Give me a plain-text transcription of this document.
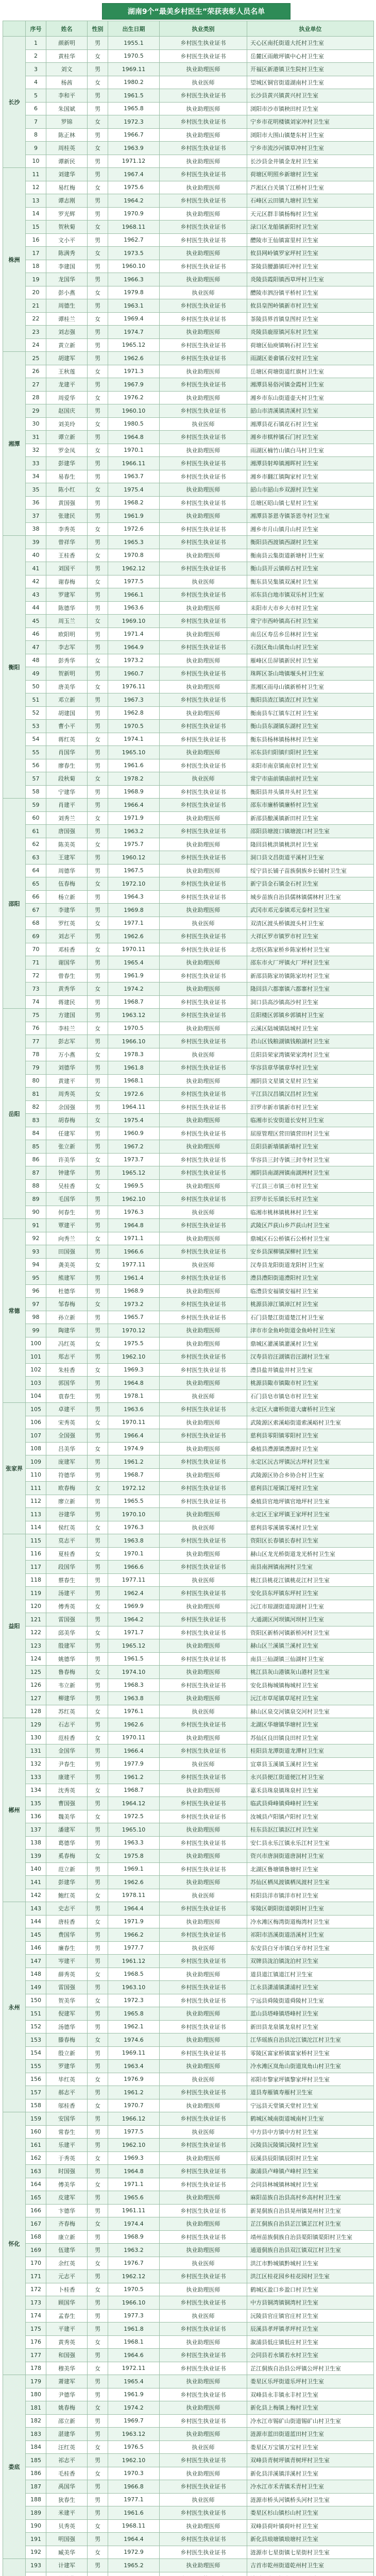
湖南9个“最美乡村医生”荣获表彰人员名单
	序号	姓名	性别	出生日期	执业类别	执业单位
长沙	1	颜新明	男	1955.1	乡村医生执业证书	天心区南托街道大托村卫生室
	2	黄桂华	女	1970.5	乡村医生执业证书	岳麓区雨敞坪镇中心村卫生室
	3	刘文	男	1969.11	执业助理医师	开福区新港镇卫生院村卫生室
	4	杨茜	女	1980.2	执业医师	望城区铜官街道湖南村卫生室
	5	李和平	男	1961.5	乡村医生执业证书	长沙县黄兴镇黄兴村卫生室
	6	朱国斌	男	1965.8	执业助理医师	浏阳市沙市镇秧田村卫生室
	7	罗锦	女	1972.3	乡村医生执业证书	宁乡市花明楼镇刘家冲村卫生室
	8	陈正林	男	1966.7	执业助理医师	浏阳市大围山镇楚东村卫生室
	9	周桂英	女	1963.9	乡村医生执业证书	宁乡市流沙河镇草冲村卫生室
	10	谭新民	男	1971.12	执业助理医师	长沙县金井镇金龙村卫生室
株洲	11	刘建华	男	1967.4	乡村医生执业证书	荷塘区明照乡新塘村卫生室
	12	易红梅	女	1975.6	执业助理医师	芦淞区白关镇丫江桥村卫生室
	13	谭志刚	男	1964.2	乡村医生执业证书	石峰区云田镇九塘村卫生室
	14	罗光辉	男	1970.9	执业助理医师	天元区群丰镇杨梅村卫生室
	15	贺秋菊	女	1968.11	乡村医生执业证书	渌口区龙船镇新阳村卫生室
	16	文小平	男	1962.7	乡村医生执业证书	醴陵市王仙镇富里村卫生室
	17	陈满秀	女	1973.5	执业助理医师	攸县网岭镇罗家坪村卫生室
	18	李建国	男	1960.10	乡村医生执业证书	茶陵县腰潞镇旺冲村卫生室
	19	龙国华	男	1966.3	执业助理医师	炎陵县霞阳镇西草坪村卫生室
	20	彭小燕	女	1979.8	执业医师	醴陵市泗汾镇平桥村卫生室
	21	周德生	男	1963.1	乡村医生执业证书	攸县皇图岭镇新市村卫生室
	22	谭桂兰	女	1969.4	乡村医生执业证书	茶陵县界首镇皇图村卫生室
	23	刘志强	男	1974.7	执业助理医师	炎陵县鹿原镇河东村卫生室
	24	黄立新	男	1965.12	乡村医生执业证书	荷塘区仙庾镇响石村卫生室
湘潭	25	胡建军	男	1962.6	乡村医生执业证书	雨湖区姜畲镇石安村卫生室
	26	王秋莲	女	1971.3	执业助理医师	岳塘区荷塘街道红旗村卫生室
	27	龙建平	男	1967.9	乡村医生执业证书	湘潭县易俗河镇金霞村卫生室
	28	周爱华	女	1976.2	执业助理医师	湘乡市东山街道壶天村卫生室
	29	赵国庆	男	1960.10	乡村医生执业证书	韶山市清溪镇清溪村卫生室
	30	刘美玲	女	1980.5	执业医师	湘潭县花石镇花石村卫生室
	31	谭立新	男	1964.8	乡村医生执业证书	湘乡市棋梓镇石门村卫生室
	32	罗金凤	女	1970.1	执业助理医师	雨湖区楠竹山镇白马村卫生室
	33	彭建华	男	1966.11	乡村医生执业证书	湘潭县射埠镇湘晖村卫生室
	34	易春生	男	1963.7	乡村医生执业证书	湘乡市翻江镇陶家村卫生室
	35	陈小红	女	1975.4	执业助理医师	韶山市韶山乡双源村卫生室
	36	黄国强	男	1968.2	乡村医生执业证书	岳塘区昭山镇七星村卫生室
	37	张建民	男	1961.9	执业助理医师	湘潭县茶恩寺镇茶恩寺村卫生室
	38	李秀英	女	1972.6	乡村医生执业证书	湘乡市月山镇月山村卫生室
衡阳	39	曾祥华	男	1965.3	乡村医生执业证书	衡阳县西渡镇西湖村卫生室
	40	王桂香	女	1970.8	执业助理医师	衡南县云集街道新塘村卫生室
	41	刘国平	男	1962.12	乡村医生执业证书	衡山县开云镇师古村卫生室
	42	谢春梅	女	1977.5	执业医师	衡东县吴集镇双溪村卫生室
	43	罗建军	男	1966.1	乡村医生执业证书	祁东县白地市镇双乐村卫生室
	44	陈德华	男	1963.6	执业助理医师	耒阳市大市乡大市村卫生室
	45	周玉兰	女	1969.10	乡村医生执业证书	常宁市西岭镇高石村卫生室
	46	欧阳明	男	1971.4	执业助理医师	南岳区寿岳乡岳林村卫生室
	47	李志军	男	1964.9	乡村医生执业证书	石鼓区角山镇角山村卫生室
	48	彭秀华	女	1973.2	执业助理医师	雁峰区岳屏镇新民村卫生室
	49	贺新明	男	1960.7	乡村医生执业证书	珠晖区茶山坳镇堰头村卫生室
	50	唐美华	女	1976.11	执业助理医师	蒸湘区雨母山镇新桥村卫生室
	51	邓立新	男	1967.3	乡村医生执业证书	衡阳县渣江镇渣江村卫生室
	52	胡建国	男	1962.8	执业助理医师	衡南县车江镇车江村卫生室
	53	曹小平	男	1970.5	乡村医生执业证书	衡山县东湖镇东湖村卫生室
	54	蒋红英	女	1974.1	乡村医生执业证书	衡东县杨林镇杨林村卫生室
	55	肖国华	男	1965.10	执业助理医师	祁东县归阳镇归阳村卫生室
	56	廖春生	男	1961.6	乡村医生执业证书	耒阳市南京镇南京村卫生室
	57	段秋菊	女	1978.2	执业医师	常宁市庙前镇庙前村卫生室
	58	宁建华	男	1968.9	乡村医生执业证书	衡阳县井头镇井头村卫生室
邵阳	59	肖建平	男	1966.4	乡村医生执业证书	邵东市廉桥镇廉桥村卫生室
	60	刘秀兰	女	1971.9	执业助理医师	新邵县酿溪镇新田村卫生室
	61	唐国强	男	1963.2	乡村医生执业证书	邵阳县塘渡口镇塘渡口村卫生室
	62	陈美英	女	1975.7	执业助理医师	隆回县桃洪镇桃洪村卫生室
	63	王建军	男	1960.12	乡村医生执业证书	洞口县文昌街道平溪村卫生室
	64	周德华	男	1967.5	执业助理医师	绥宁县长铺子苗族侗族乡长铺村卫生室
	65	伍春梅	女	1972.10	乡村医生执业证书	新宁县金石镇金石村卫生室
	66	杨立新	男	1964.3	乡村医生执业证书	城步苗族自治县儒林镇儒林村卫生室
	67	李建华	男	1969.8	执业助理医师	武冈市邓元泰镇邓元泰村卫生室
	68	罗红英	女	1977.1	执业医师	双清区渡头桥镇渡头村卫生室
	69	刘志平	男	1962.6	乡村医生执业证书	大祥区罗市镇罗市村卫生室
	70	邓桂香	女	1970.11	乡村医生执业证书	北塔区陈家桥乡陈家桥村卫生室
	71	谢国华	男	1965.4	执业助理医师	邵东市火厂坪镇火厂坪村卫生室
	72	曾春生	男	1961.9	乡村医生执业证书	新邵县陈家坊镇陈家坊村卫生室
	73	黄秀华	女	1974.2	执业助理医师	隆回县六都寨镇六都寨村卫生室
	74	蒋建民	男	1968.7	乡村医生执业证书	洞口县高沙镇高沙村卫生室
岳阳	75	方建国	男	1963.12	乡村医生执业证书	岳阳楼区郭镇乡郭镇村卫生室
	76	李桂兰	女	1970.5	执业助理医师	云溪区陆城镇陆城村卫生室
	77	彭志军	男	1966.10	乡村医生执业证书	君山区钱粮湖镇钱粮湖村卫生室
	78	万小燕	女	1978.3	执业医师	岳阳县荣家湾镇荣家湾村卫生室
	79	刘德华	男	1961.8	乡村医生执业证书	华容县章华镇章华村卫生室
	80	黄建平	男	1968.1	执业助理医师	湘阴县文星镇文星村卫生室
	81	周秀英	女	1972.6	乡村医生执业证书	平江县汉昌镇汉昌村卫生室
	82	余国强	男	1964.11	乡村医生执业证书	汨罗市新市镇新市村卫生室
	83	胡春梅	女	1975.4	执业助理医师	临湘市长安街道长安村卫生室
	84	任建军	男	1960.9	乡村医生执业证书	屈原管理区营田镇营田村卫生室
	85	张立新	男	1967.2	执业助理医师	岳阳县新墙镇新墙村卫生室
	86	许美华	女	1973.7	乡村医生执业证书	华容县三封寺镇三封寺村卫生室
	87	钟建华	男	1965.12	乡村医生执业证书	湘阴县南湖洲镇南湖洲村卫生室
	88	吴桂香	女	1969.5	执业助理医师	平江县三市镇三市村卫生室
	89	毛国华	男	1962.10	乡村医生执业证书	汨罗市长乐镇长乐村卫生室
	90	何春生	男	1976.3	执业医师	临湘市桃林镇桃林村卫生室
常德	91	覃建平	男	1964.8	乡村医生执业证书	武陵区芦荻山乡芦荻山村卫生室
	92	向秀兰	女	1971.1	执业助理医师	鼎城区石公桥镇石公桥村卫生室
	93	田国强	男	1966.6	乡村医生执业证书	安乡县深柳镇深柳村卫生室
	94	龚美英	女	1977.11	执业医师	汉寿县龙阳街道龙阳村卫生室
	95	熊建军	男	1961.4	乡村医生执业证书	澧县澧阳街道澧阳村卫生室
	96	杜德华	男	1968.9	执业助理医师	临澧县安福镇安福村卫生室
	97	邹春梅	女	1973.2	乡村医生执业证书	桃源县漳江镇漳江村卫生室
	98	孙立新	男	1965.7	乡村医生执业证书	石门县楚江街道楚江村卫生室
	99	陶建华	男	1970.12	执业助理医师	津市市金鱼岭街道金鱼岭村卫生室
	100	冯红英	女	1975.5	执业助理医师	鼎城区灌溪镇灌溪村卫生室
	101	郑志平	男	1962.10	乡村医生执业证书	汉寿县岩汪湖镇岩汪湖村卫生室
	102	朱桂香	女	1969.3	乡村医生执业证书	澧县盐井镇盐井村卫生室
	103	郭国华	男	1964.8	执业助理医师	桃源县陬市镇陬市村卫生室
	104	袁春生	男	1978.1	执业医师	石门县皂市镇皂市村卫生室
张家界	105	卓建平	男	1963.6	乡村医生执业证书	永定区大庸桥街道大庸桥村卫生室
	106	宋秀英	女	1970.11	执业助理医师	武陵源区索溪峪街道索溪峪村卫生室
	107	全国强	男	1966.4	乡村医生执业证书	慈利县零阳镇零阳村卫生室
	108	吕美华	女	1974.9	执业助理医师	桑植县澧源镇澧源村卫生室
	109	庞建军	男	1961.2	乡村医生执业证书	永定区沅古坪镇沅古坪村卫生室
	110	符德华	男	1968.7	执业助理医师	武陵源区协合乡协合村卫生室
	111	欧春梅	女	1972.12	乡村医生执业证书	慈利县江垭镇江垭村卫生室
	112	廖立新	男	1965.5	乡村医生执业证书	桑植县官地坪镇官地坪村卫生室
	113	谷建华	男	1970.10	执业助理医师	永定区王家坪镇王家坪村卫生室
	114	侯红英	女	1976.3	执业医师	慈利县零溪镇零溪村卫生室
益阳	115	莫志平	男	1963.8	乡村医生执业证书	资阳区长春镇长春村卫生室
	116	夏桂香	女	1970.1	执业助理医师	赫山区龙光桥街道龙光桥村卫生室
	117	段国华	男	1966.6	乡村医生执业证书	南县南洲镇南洲村卫生室
	118	蔡春生	男	1977.11	执业医师	桃江县桃花江镇桃花江村卫生室
	119	汤建平	男	1962.4	乡村医生执业证书	安化县东坪镇东坪村卫生室
	120	傅秀英	女	1969.9	执业助理医师	沅江市琼湖街道琼湖村卫生室
	121	雷国强	男	1964.2	乡村医生执业证书	大通湖区河坝镇河坝村卫生室
	122	邱美华	女	1971.7	乡村医生执业证书	资阳区新桥河镇新桥河村卫生室
	123	殷建军	男	1965.12	执业助理医师	赫山区兰溪镇兰溪村卫生室
	124	姚德华	男	1961.5	乡村医生执业证书	南县三仙湖镇三仙湖村卫生室
	125	鲁春梅	女	1974.10	执业助理医师	桃江县灰山港镇灰山港村卫生室
	126	韦立新	男	1968.3	乡村医生执业证书	安化县梅城镇梅城村卫生室
	127	柳建华	男	1963.8	执业助理医师	沅江市草尾镇草尾村卫生室
	128	苏红英	女	1976.1	执业医师	赫山区泉交河镇泉交河村卫生室
郴州	129	石志平	男	1962.6	乡村医生执业证书	北湖区华塘镇华塘村卫生室
	130	范桂香	女	1970.11	执业助理医师	苏仙区良田镇良田村卫生室
	131	金国华	男	1966.4	乡村医生执业证书	桂阳县龙潭街道龙潭村卫生室
	132	尹春生	男	1977.9	执业医师	宜章县玉溪镇玉溪村卫生室
	133	康建平	男	1961.2	乡村医生执业证书	永兴县便江街道便江村卫生室
	134	沈秀英	女	1968.7	执业助理医师	嘉禾县珠泉镇珠泉村卫生室
	135	曹国强	男	1964.12	乡村医生执业证书	临武县舜峰镇舜峰村卫生室
	136	魏美华	女	1972.5	乡村医生执业证书	汝城县卢阳镇卢阳村卫生室
	137	潘建军	男	1965.10	执业助理医师	桂东县沤江镇沤江村卫生室
	138	葛德华	男	1963.3	乡村医生执业证书	安仁县永乐江镇永乐江村卫生室
	139	奚春梅	女	1975.8	执业助理医师	资兴市唐洞街道唐洞村卫生室
	140	范立新	男	1969.1	乡村医生执业证书	北湖区鲁塘镇鲁塘村卫生室
	141	彭建华	男	1962.6	执业助理医师	苏仙区栖凤渡镇栖凤渡村卫生室
	142	鲍红英	女	1978.11	执业医师	桂阳县洋市镇洋市村卫生室
永州	143	史志平	男	1964.4	乡村医生执业证书	零陵区朝阳街道朝阳村卫生室
	144	唐桂香	女	1971.9	执业助理医师	冷水滩区梅湾街道梅湾村卫生室
	145	费国华	男	1966.2	乡村医生执业证书	祁阳市浯溪街道浯溪村卫生室
	146	廉春生	男	1977.7	执业医师	东安县白牙市镇白牙市村卫生室
	147	岑建平	男	1961.12	乡村医生执业证书	双牌县泷泊镇泷泊村卫生室
	148	薛秀英	女	1968.5	执业助理医师	道县道江镇道江村卫生室
	149	雷国强	男	1963.10	乡村医生执业证书	江永县潇浦镇潇浦村卫生室
	150	贺美华	女	1972.3	乡村医生执业证书	宁远县舜陵街道舜陵村卫生室
	151	倪建军	男	1965.8	执业助理医师	蓝山县塔峰镇塔峰村卫生室
	152	汤德华	男	1962.1	乡村医生执业证书	新田县龙泉镇龙泉村卫生室
	153	滕春梅	女	1974.6	执业助理医师	江华瑶族自治县沱江镇沱江村卫生室
	154	殷立新	男	1969.11	乡村医生执业证书	零陵区富家桥镇富家桥村卫生室
	155	罗建华	男	1963.4	执业助理医师	冷水滩区岚角山街道岚角山村卫生室
	156	毕红英	女	1976.9	执业医师	祁阳市黎家坪镇黎家坪村卫生室
	157	郝志平	男	1961.2	乡村医生执业证书	道县寿雁镇寿雁村卫生室
	158	邬桂香	女	1970.7	执业助理医师	宁远县天堂镇天堂村卫生室
怀化	159	安国华	男	1966.12	乡村医生执业证书	鹤城区城南街道城南村卫生室
	160	常春生	男	1977.5	执业医师	中方县中方镇中方村卫生室
	161	乐建平	男	1962.10	乡村医生执业证书	沅陵县沅陵镇沅陵村卫生室
	162	于秀英	女	1969.3	执业助理医师	辰溪县辰阳镇辰阳村卫生室
	163	时国强	男	1964.8	乡村医生执业证书	溆浦县卢峰镇卢峰村卫生室
	164	傅美华	女	1971.1	乡村医生执业证书	会同县林城镇林城村卫生室
	165	皮建军	男	1965.6	执业助理医师	麻阳苗族自治县高村乡高村村卫生室
	166	卞德华	男	1961.11	乡村医生执业证书	新晃侗族自治县晃州镇晃州村卫生室
	167	齐春梅	女	1974.4	执业助理医师	芷江侗族自治县芷江镇芷江村卫生室
	168	康立新	男	1968.9	乡村医生执业证书	靖州苗族侗族自治县渠阳镇渠阳村卫生室
	169	伍建华	男	1963.2	执业助理医师	通道侗族自治县双江镇双江村卫生室
	170	余红英	女	1976.7	执业医师	洪江市黔城镇黔城村卫生室
	171	元志平	男	1962.12	乡村医生执业证书	洪江区桂花园乡桂花园村卫生室
	172	卜桂香	女	1970.5	执业助理医师	鹤城区盈口乡盈口村卫生室
	173	顾国华	男	1966.10	乡村医生执业证书	中方县铜湾镇铜湾村卫生室
	174	孟春生	男	1977.3	执业医师	沅陵县官庄镇官庄村卫生室
	175	平建平	男	1961.8	乡村医生执业证书	辰溪县孝坪镇孝坪村卫生室
	176	黄秀英	女	1968.1	执业助理医师	溆浦县低庄镇低庄村卫生室
	177	和国强	男	1964.6	乡村医生执业证书	会同县若水镇若水村卫生室
	178	穆美华	女	1972.11	乡村医生执业证书	芷江侗族自治县公坪镇公坪村卫生室
娄底	179	萧建军	男	1965.4	执业助理医师	娄星区乐坪街道乐坪村卫生室
	180	尹德华	男	1961.9	乡村医生执业证书	双峰县永丰镇永丰村卫生室
	181	姚春梅	女	1974.2	执业助理医师	新化县上梅镇上梅村卫生室
	182	邵立新	男	1969.7	乡村医生执业证书	冷水江市锡矿山街道锡矿山村卫生室
	183	湛建华	男	1963.12	执业助理医师	涟源市蓝田街道蓝田村卫生室
	184	汪红英	女	1976.5	执业医师	娄星区万宝镇万宝村卫生室
	185	祁志平	男	1962.10	乡村医生执业证书	双峰县青树坪镇青树坪村卫生室
	186	毛桂香	女	1970.3	执业助理医师	新化县洋溪镇洋溪村卫生室
	187	禹国华	男	1966.8	乡村医生执业证书	冷水江市禾青镇禾青村卫生室
	188	狄春生	男	1977.1	执业医师	涟源市桥头河镇桥头河村卫生室
	189	米建平	男	1961.6	乡村医生执业证书	娄星区杉山镇杉山村卫生室
	190	贝秀英	女	1968.11	执业助理医师	双峰县荷叶镇荷叶村卫生室
	191	明国强	男	1964.4	乡村医生执业证书	新化县琅塘镇琅塘村卫生室
	192	臧美华	女	1972.9	乡村医生执业证书	涟源市七星街镇七星街村卫生室
	193	计建军	男	1965.2	执业助理医师	吉首市乾州街道乾州村卫生室
